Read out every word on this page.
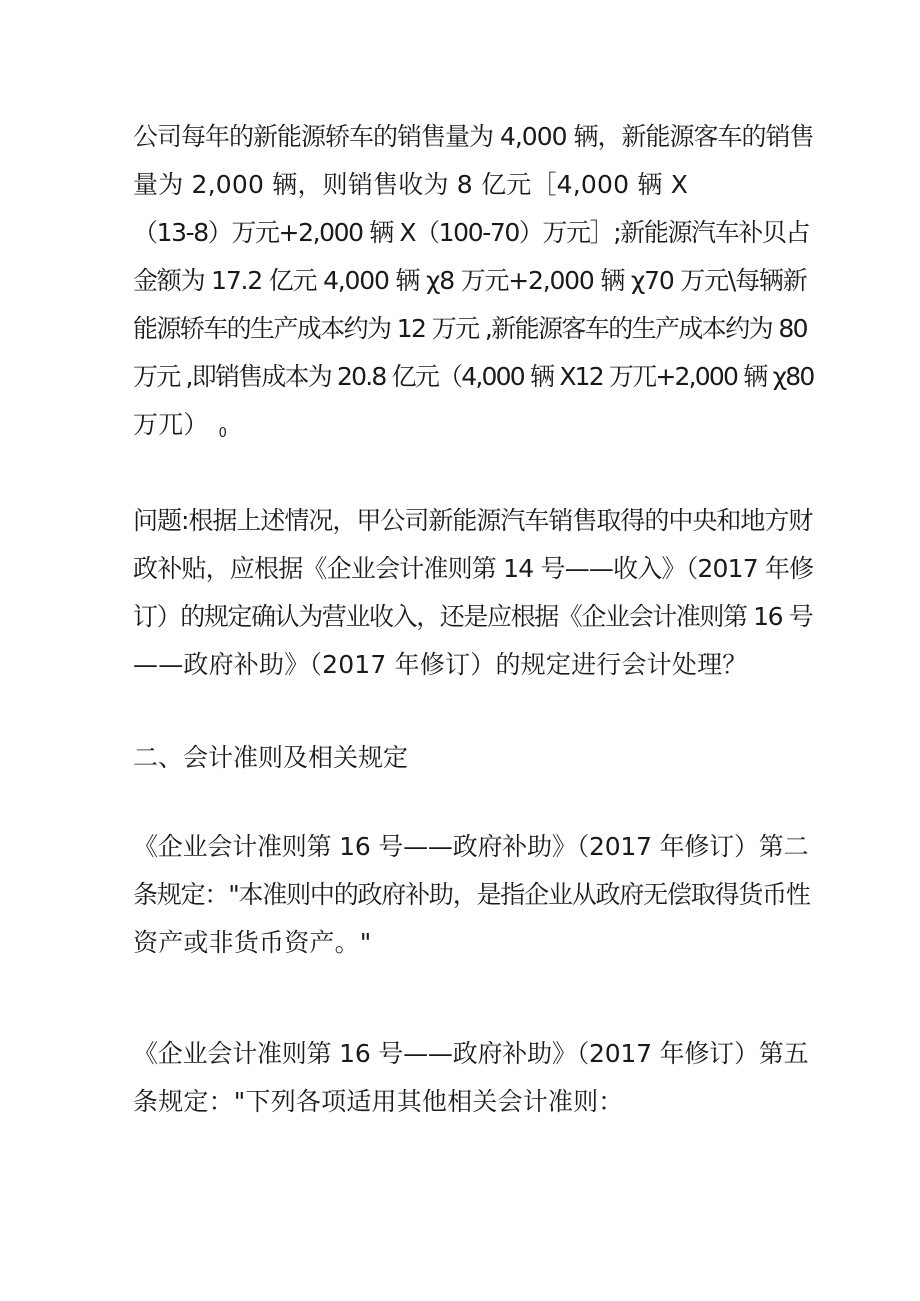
公司每年的新能源轿车的销售量为 4,000 辆，新能源客车的销售
量为 2,000 辆，则销售收为 8 亿元［4,000 辆 X
（13-8）万元+2,000 辆 X（100-70）万元］;新能源汽车补贝占
金额为 17.2 亿元 4,000 辆 χ8 万元+2,000 辆 χ70 万元\每辆新
能源轿车的生产成本约为 12 万元 ,新能源客车的生产成本约为 80
万元 ,即销售成本为 20.8 亿元（4,000 辆 X12 万兀+2,000 辆 χ80
万兀） $_0$

问题:根据上述情况，甲公司新能源汽车销售取得的中央和地方财
政补贴，应根据《企业会计准则第 14 号——收入》（2017 年修
订）的规定确认为营业收入，还是应根据《企业会计准则第 16 号
——政府补助》（2017 年修订）的规定进行会计处理？

二、会计准则及相关规定

《企业会计准则第 16 号——政府补助》（2017 年修订）第二
条规定："本准则中的政府补助，是指企业从政府无偿取得货币性
资产或非货币资产。"

《企业会计准则第 16 号——政府补助》（2017 年修订）第五
条规定："下列各项适用其他相关会计准则：
